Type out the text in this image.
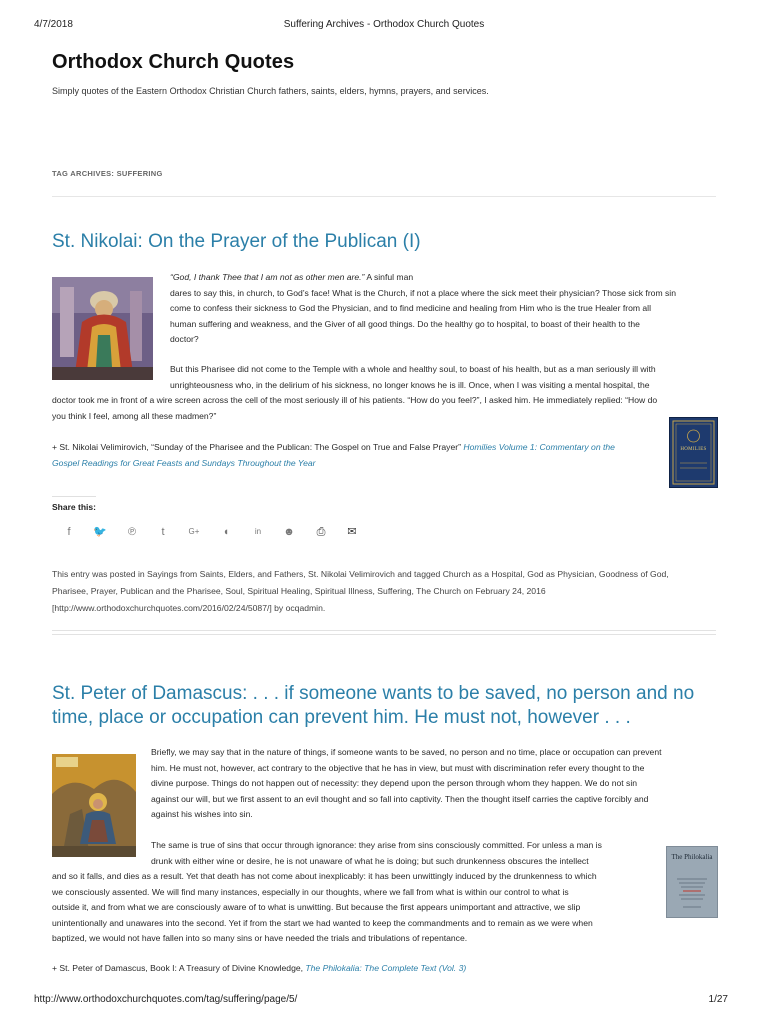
4/7/2018	Suffering Archives - Orthodox Church Quotes
Orthodox Church Quotes
Simply quotes of the Eastern Orthodox Christian Church fathers, saints, elders, hymns, prayers, and services.
TAG ARCHIVES: SUFFERING
St. Nikolai: On the Prayer of the Publican (I)

“God, I thank Thee that I am not as other men are.” A sinful man

dares to say this, in church, to God’s face! What is the Church, if not a place where the sick meet their physician? Those sick from sin

come to confess their sickness to God the Physician, and to find medicine and healing from Him who is the true Healer from all

human suffering and weakness, and the Giver of all good things. Do the healthy go to hospital, to boast of their health to the

doctor?

But this Pharisee did not come to the Temple with a whole and healthy soul, to boast of his health, but as a man seriously ill with

unrighteousness who, in the delirium of his sickness, no longer knows he is ill. Once, when I was visiting a mental hospital, the

doctor took me in front of a wire screen across the cell of the most seriously ill of his patients. “How do you feel?”, I asked him. He immediately replied: “How do

you think I feel, among all these madmen?”

+ St. Nikolai Velimirovich, “Sunday of the Pharisee and the Publican: The Gospel on True and False Prayer” Homilies Volume 1: Commentary on the

Gospel Readings for Great Feasts and Sundays Throughout the Year

HOMILIES
Share this:
f	🐦 ℗	t	G+	◖	in	☻ ⎙ ✉
This entry was posted in Sayings from Saints, Elders, and Fathers, St. Nikolai Velimirovich and tagged Church as a Hospital, God as Physician, Goodness of God,
Pharisee, Prayer, Publican and the Pharisee, Soul, Spiritual Healing, Spiritual Illness, Suffering, The Church on February 24, 2016
[http://www.orthodoxchurchquotes.com/2016/02/24/5087/] by ocqadmin.
St. Peter of Damascus: . . . if someone wants to be saved, no person and no
time, place or occupation can prevent him. He must not, however . . .

Briefly, we may say that in the nature of things, if someone wants to be saved, no person and no time, place or occupation can prevent

him. He must not, however, act contrary to the objective that he has in view, but must with discrimination refer every thought to the

divine purpose. Things do not happen out of necessity: they depend upon the person through whom they happen. We do not sin

against our will, but we first assent to an evil thought and so fall into captivity. Then the thought itself carries the captive forcibly and

against his wishes into sin.

The same is true of sins that occur through ignorance: they arise from sins consciously committed. For unless a man is

drunk with either wine or desire, he is not unaware of what he is doing; but such drunkenness obscures the intellect

and so it falls, and dies as a result. Yet that death has not come about inexplicably: it has been unwittingly induced by the drunkenness to which

we consciously assented. We will find many instances, especially in our thoughts, where we fall from what is within our control to what is

outside it, and from what we are consciously aware of to what is unwitting. But because the first appears unimportant and attractive, we slip

unintentionally and unawares into the second. Yet if from the start we had wanted to keep the commandments and to remain as we were when

baptized, we would not have fallen into so many sins or have needed the trials and tribulations of repentance.

The Philokalia

+ St. Peter of Damascus, Book I: A Treasury of Divine Knowledge, The Philokalia: The Complete Text (Vol. 3)

http://www.orthodoxchurchquotes.com/tag/suffering/page/5/	1/27
